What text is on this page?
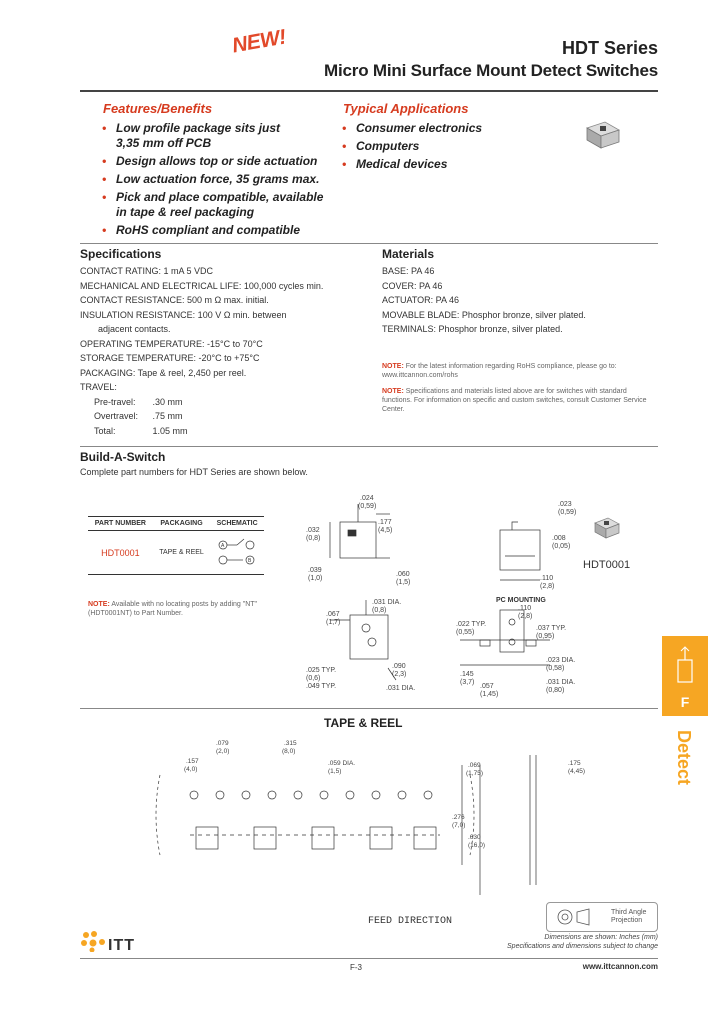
NEW!	HDT Series
Micro Mini Surface Mount Detect Switches
Features/Benefits
• Low profile package sits just 3,35 mm off PCB
• Design allows top or side actuation
• Low actuation force, 35 grams max.
• Pick and place compatible, available in tape & reel packaging
• RoHS compliant and compatible
Typical Applications
• Consumer electronics
• Computers
• Medical devices
Specifications
CONTACT RATING: 1 mA 5 VDC
MECHANICAL AND ELECTRICAL LIFE: 100,000 cycles min.
CONTACT RESISTANCE: 500 m Ω max. initial.
INSULATION RESISTANCE: 100 V Ω min. between
adjacent contacts.
OPERATING TEMPERATURE: -15°C to 70°C
STORAGE TEMPERATURE: -20°C to +75°C
PACKAGING: Tape & reel, 2,450 per reel.
TRAVEL:
Pre-travel: .30 mm
Overtravel: .75 mm
Total:	1.05 mm
Materials
BASE: PA 46
COVER: PA 46
ACTUATOR: PA 46
MOVABLE BLADE: Phosphor bronze, silver plated.
TERMINALS: Phosphor bronze, silver plated.
NOTE: For the latest information regarding RoHS compliance, please go to: www.ittcannon.com/rohs
NOTE: Specifications and materials listed above are for switches with standard functions. For information on specific and custom switches, consult Customer Service Center.
Build-A-Switch
Complete part numbers for HDT Series are shown below.
PART NUMBER	PACKAGING	SCHEMATIC
HDT0001	TAPE & REEL	A
B
NOTE: Available with no locating posts by adding "NT" (HDT0001NT) to Part Number.
.024
(0,59)
.177
(4,5)
.032
(0,8)
.039
(1,0)
.060
(1,5)
.023
(0,59)
.008
(0,05)
.110
(2,8)
.067
(1,7)
.031 DIA.
(0,8)
.090
(2,3)
.025 TYP.
(0,6)
.049 TYP.	.031 DIA.
.022 TYP.
(0,55)
.110
(2,8)
.037 TYP.
(0,95)
.023 DIA.
(0,58)
.145
(3,7)
.057
(1,45)
.031 DIA.
(0,80)
PC MOUNTING
HDT0001
TAPE & REEL
.079
(2,0)
.315
(8,0)
.157
(4,0)
.059 DIA.
(1,5)
.069
(1,75)
.276
(7,0)
.630
(16,0)
.175
(4,45)
FEED DIRECTION
Third Angle Projection
Dimensions are shown: Inches (mm)
Specifications and dimensions subject to change
F
Detect
ITT
F-3	www.ittcannon.com
